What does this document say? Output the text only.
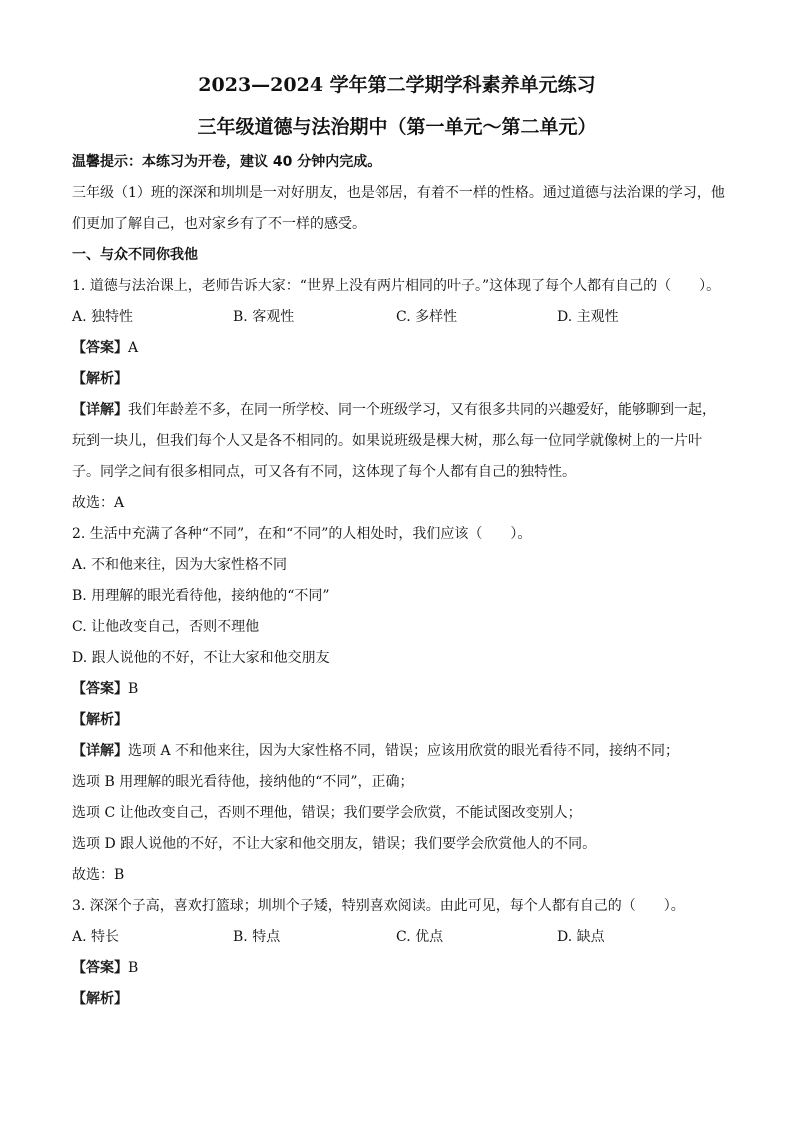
2023—2024 学年第二学期学科素养单元练习
三年级道德与法治期中（第一单元～第二单元）
温馨提示：本练习为开卷，建议 40 分钟内完成。
三年级（1）班的深深和圳圳是一对好朋友，也是邻居，有着不一样的性格。通过道德与法治课的学习，他
们更加了解自己，也对家乡有了不一样的感受。
一、与众不同你我他
1. 道德与法治课上，老师告诉大家：“世界上没有两片相同的叶子。”这体现了每个人都有自己的（　　）。
A. 独特性	B. 客观性	C. 多样性	D. 主观性
【答案】A
【解析】
【详解】我们年龄差不多，在同一所学校、同一个班级学习，又有很多共同的兴趣爱好，能够聊到一起，
玩到一块儿，但我们每个人又是各不相同的。如果说班级是棵大树，那么每一位同学就像树上的一片叶
子。同学之间有很多相同点，可又各有不同，这体现了每个人都有自己的独特性。
故选：A
2. 生活中充满了各种“不同”，在和“不同”的人相处时，我们应该（　　）。
A. 不和他来往，因为大家性格不同
B. 用理解的眼光看待他，接纳他的“不同”
C. 让他改变自己，否则不理他
D. 跟人说他的不好，不让大家和他交朋友
【答案】B
【解析】
【详解】选项 A 不和他来往，因为大家性格不同，错误；应该用欣赏的眼光看待不同，接纳不同；
选项 B 用理解的眼光看待他，接纳他的“不同”，正确；
选项 C 让他改变自己，否则不理他，错误；我们要学会欣赏，不能试图改变别人；
选项 D 跟人说他的不好，不让大家和他交朋友，错误；我们要学会欣赏他人的不同。
故选：B
3. 深深个子高，喜欢打篮球；圳圳个子矮，特别喜欢阅读。由此可见，每个人都有自己的（　　）。
A. 特长	B. 特点	C. 优点	D. 缺点
【答案】B
【解析】
